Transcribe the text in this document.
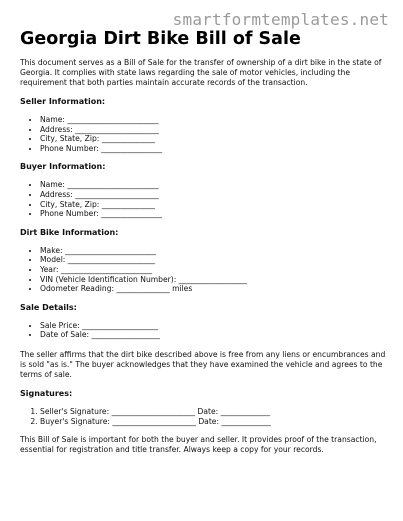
smartformtemplates.net
Georgia Dirt Bike Bill of Sale

This document serves as a Bill of Sale for the transfer of ownership of a dirt bike in the state of Georgia. It complies with state laws regarding the sale of motor vehicles, including the requirement that both parties maintain accurate records of the transaction.

Seller Information:
• Name: ________________________
• Address: ______________________
• City, State, Zip: ______________
• Phone Number: ________________
Buyer Information:
• Name: ________________________
• Address: ______________________
• City, State, Zip: ______________
• Phone Number: ________________
Dirt Bike Information:
• Make: ________________________
• Model: _______________________
• Year: ________________________
• VIN (Vehicle Identification Number): __________________
• Odometer Reading: ______________ miles
Sale Details:
• Sale Price: ____________________
• Date of Sale: __________________

The seller affirms that the dirt bike described above is free from any liens or encumbrances and is sold "as is." The buyer acknowledges that they have examined the vehicle and agrees to the terms of sale.

Signatures:
1. Seller's Signature: ______________________ Date: _____________
2. Buyer's Signature: ______________________ Date: _____________

This Bill of Sale is important for both the buyer and seller. It provides proof of the transaction, essential for registration and title transfer. Always keep a copy for your records.
